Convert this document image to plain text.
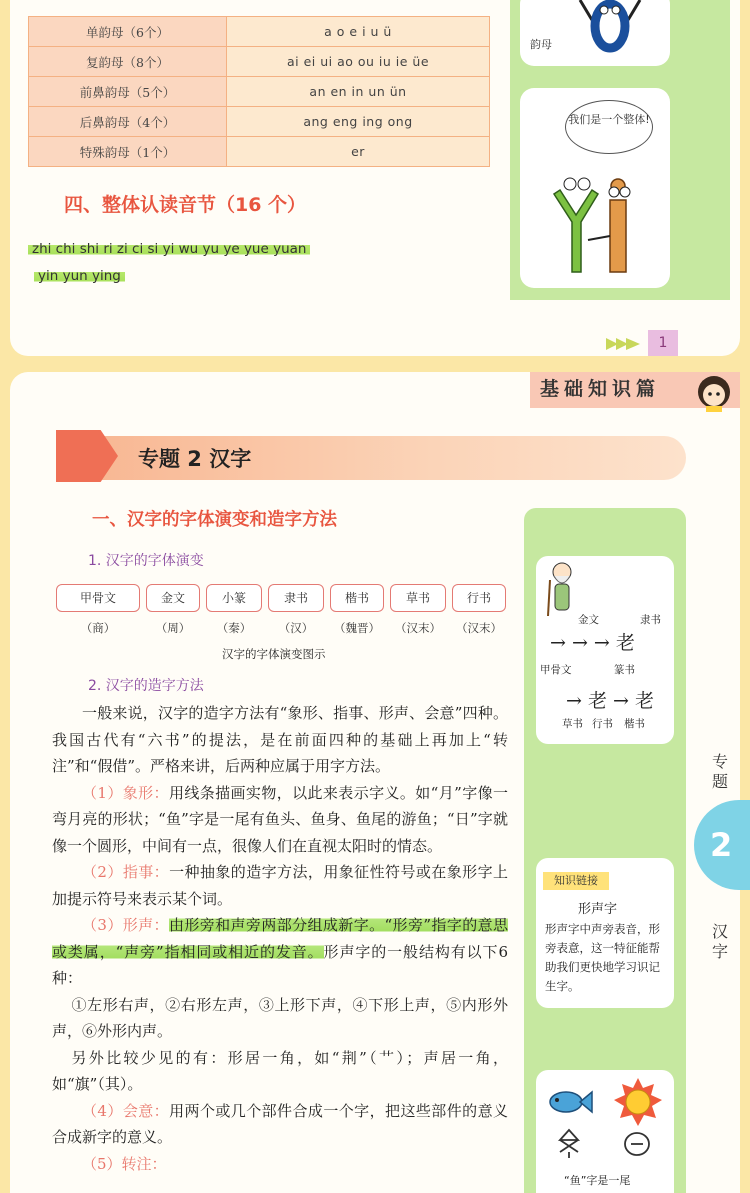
单韵母（6个）	a o e i u ü
复韵母（8个）	ai ei ui ao ou iu ie üe
前鼻韵母（5个）	an en in un ün
后鼻韵母（4个）	ang eng ing ong
特殊韵母（1个）	er
四、整体认读音节（16 个）
zhi chi shi ri zi ci si yi wu yu ye yue yuan
yin yun ying
韵母
我们是一个整体!
1
基础知识篇
专题 2 汉字
一、汉字的字体演变和造字方法
1. 汉字的字体演变
甲骨文	金文	小篆	隶书	楷书	草书	行书
（商）	（周）	（秦）	（汉）	（魏晋）	（汉末）	（汉末）
汉字的字体演变图示
2. 汉字的造字方法

一般来说，汉字的造字方法有“象形、指事、形声、会意”四种。我国古代有“六书”的提法，是在前面四种的基础上再加上“转注”和“假借”。严格来讲，后两种应属于用字方法。

（1）象形：用线条描画实物，以此来表示字义。如“月”字像一弯月亮的形状；“鱼”字是一尾有鱼头、鱼身、鱼尾的游鱼；“日”字就像一个圆形，中间有一点，很像人们在直视太阳时的情态。

（2）指事：一种抽象的造字方法，用象征性符号或在象形字上加提示符号来表示某个词。

（3）形声：由形旁和声旁两部分组成新字。“形旁”指字的意思或类属，“声旁”指相同或相近的发音。形声字的一般结构有以下6种：

①左形右声，②右形左声，③上形下声，④下形上声，⑤内形外声，⑥外形内声。

另外比较少见的有：形居一角，如“荆”（艹）；声居一角，如“旗”（其）。

（4）会意：用两个或几个部件合成一个字，把这些部件的意义合成新字的意义。

（5）转注：

金文	隶书
→ → → 老
甲骨文	篆书
→ 老 → 老
草书 行书 楷书
知识链接
形声字
形声字中声旁表音，形旁表意，这一特征能帮助我们更快地学习识记生字。
“鱼”字是一尾
2
专题
汉字
